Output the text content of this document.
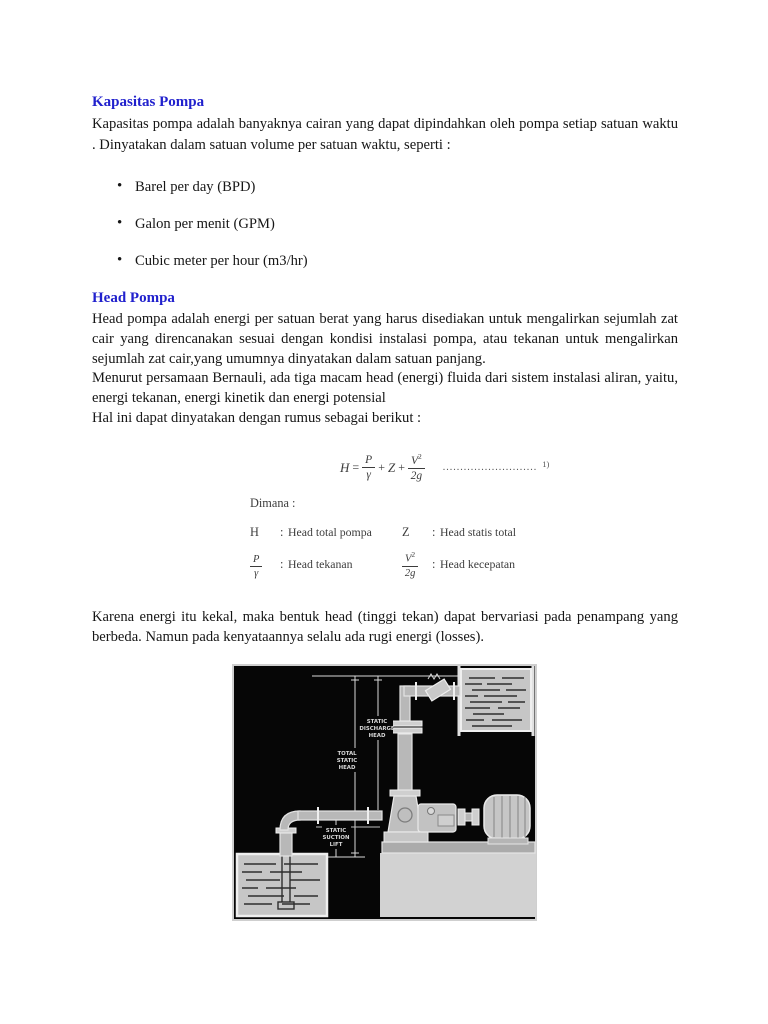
Kapasitas Pompa

Kapasitas pompa adalah banyaknya cairan yang dapat dipindahkan oleh pompa setiap satuan waktu . Dinyatakan dalam satuan volume per satuan waktu, seperti :

• Barel per day (BPD)
• Galon per menit (GPM)
• Cubic meter per hour (m3/hr)
Head Pompa

Head pompa adalah energi per satuan berat yang harus disediakan untuk mengalirkan sejumlah zat cair yang direncanakan sesuai dengan kondisi instalasi pompa, atau tekanan untuk mengalirkan sejumlah zat cair,yang umumnya dinyatakan dalam satuan panjang.

Menurut persamaan Bernauli, ada tiga macam head (energi) fluida dari sistem instalasi aliran, yaitu, energi tekanan, energi kinetik dan energi potensial

Hal ini dapat dinyatakan dengan rumus sebagai berikut :

$H = \frac{P}{\gamma} + Z + \frac{V^2}{2g}$ ........................... 1)
Dimana :
H	: Head total pompa	Z	: Head statis total
$\frac{P}{\gamma}$ : Head tekanan	$\frac{V^2}{2g}$ : Head kecepatan

Karena energi itu kekal, maka bentuk head (tinggi tekan) dapat bervariasi pada penampang yang berbeda. Namun pada kenyataannya selalu ada rugi energi (losses).

STATIC
DISCHARGE
HEAD
TOTAL
STATIC
HEAD
STATIC
SUCTION
LIFT
